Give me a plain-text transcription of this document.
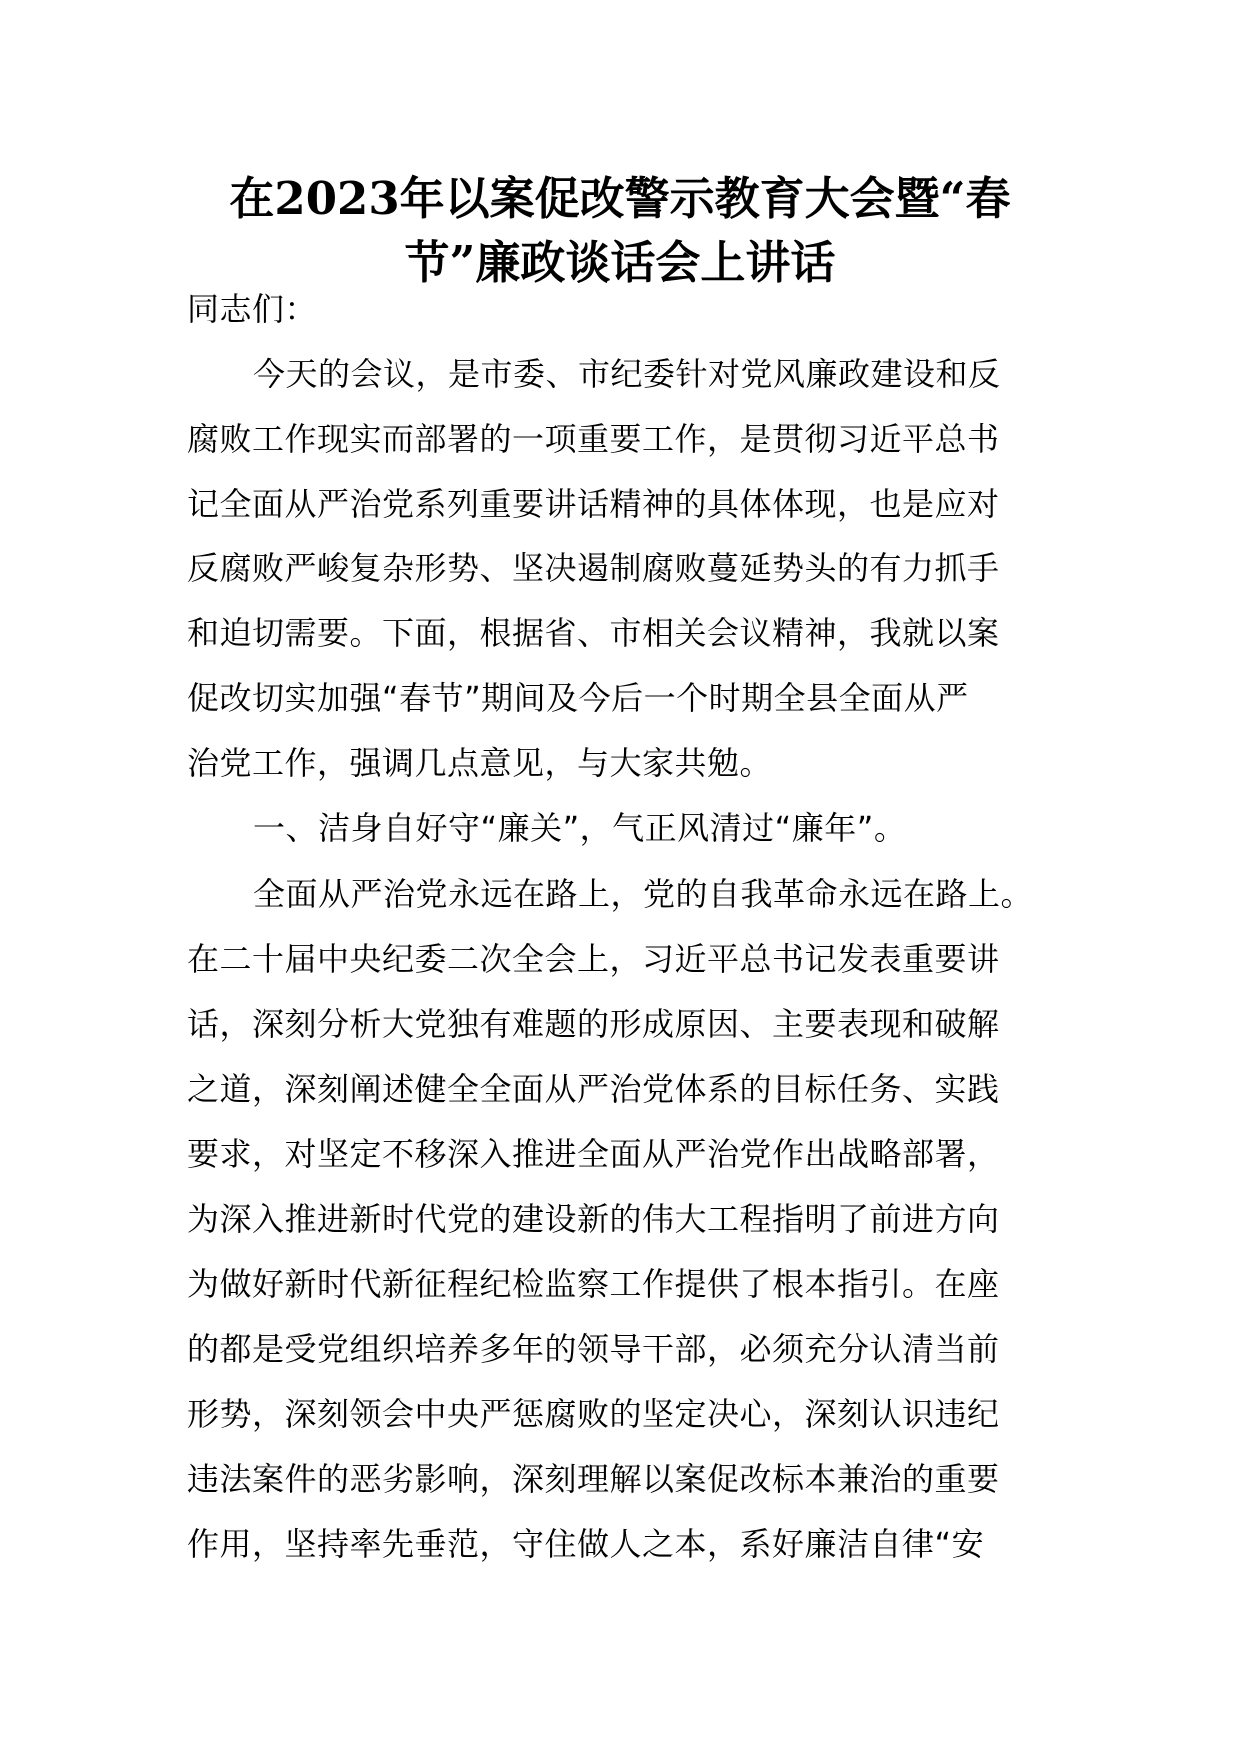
在2023年以案促改警示教育大会暨“春
节”廉政谈话会上讲话

同志们：

今天的会议，是市委、市纪委针对党风廉政建设和反

腐败工作现实而部署的一项重要工作，是贯彻习近平总书

记全面从严治党系列重要讲话精神的具体体现，也是应对

反腐败严峻复杂形势、坚决遏制腐败蔓延势头的有力抓手

和迫切需要。下面，根据省、市相关会议精神，我就以案

促改切实加强“春节”期间及今后一个时期全县全面从严

治党工作，强调几点意见，与大家共勉。

一、洁身自好守“廉关”，气正风清过“廉年”。

全面从严治党永远在路上，党的自我革命永远在路上。

在二十届中央纪委二次全会上，习近平总书记发表重要讲

话，深刻分析大党独有难题的形成原因、主要表现和破解

之道，深刻阐述健全全面从严治党体系的目标任务、实践

要求，对坚定不移深入推进全面从严治党作出战略部署，

为深入推进新时代党的建设新的伟大工程指明了前进方向

为做好新时代新征程纪检监察工作提供了根本指引。在座

的都是受党组织培养多年的领导干部，必须充分认清当前

形势，深刻领会中央严惩腐败的坚定决心，深刻认识违纪

违法案件的恶劣影响，深刻理解以案促改标本兼治的重要

作用，坚持率先垂范，守住做人之本，系好廉洁自律“安
